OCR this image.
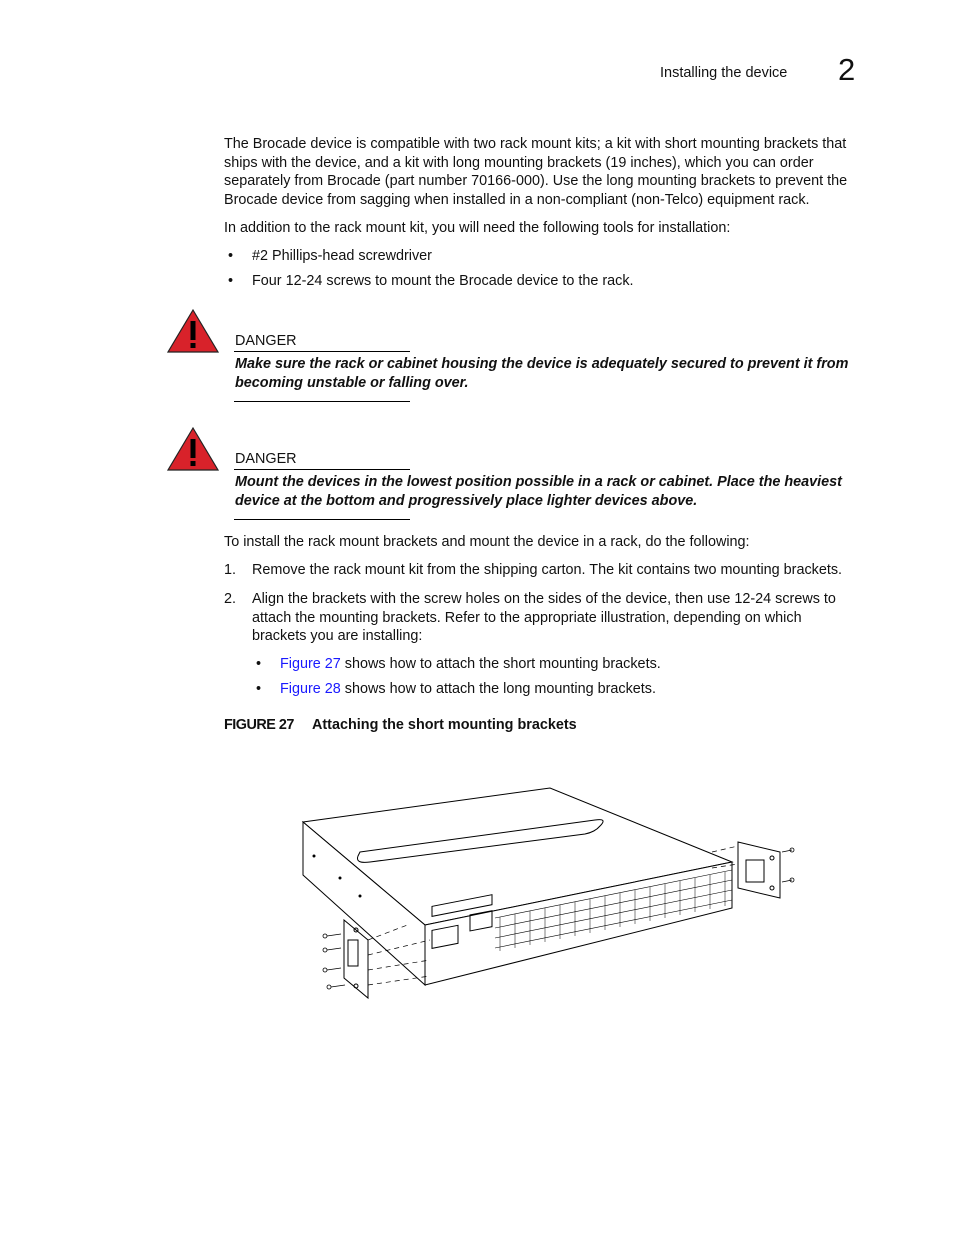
Installing the device 2
The Brocade device is compatible with two rack mount kits; a kit with short mounting brackets that ships with the device, and a kit with long mounting brackets (19 inches), which you can order separately from Brocade (part number 70166-000). Use the long mounting brackets to prevent the Brocade device from sagging when installed in a non-compliant (non-Telco) equipment rack.
In addition to the rack mount kit, you will need the following tools for installation:
• #2 Phillips-head screwdriver
• Four 12-24 screws to mount the Brocade device to the rack.
DANGER
Make sure the rack or cabinet housing the device is adequately secured to prevent it from becoming unstable or falling over.
DANGER
Mount the devices in the lowest position possible in a rack or cabinet. Place the heaviest device at the bottom and progressively place lighter devices above.
To install the rack mount brackets and mount the device in a rack, do the following:
1. Remove the rack mount kit from the shipping carton. The kit contains two mounting brackets.
2. Align the brackets with the screw holes on the sides of the device, then use 12-24 screws to attach the mounting brackets. Refer to the appropriate illustration, depending on which brackets you are installing:
• Figure 27 shows how to attach the short mounting brackets.
• Figure 28 shows how to attach the long mounting brackets.
FIGURE 27 Attaching the short mounting brackets
